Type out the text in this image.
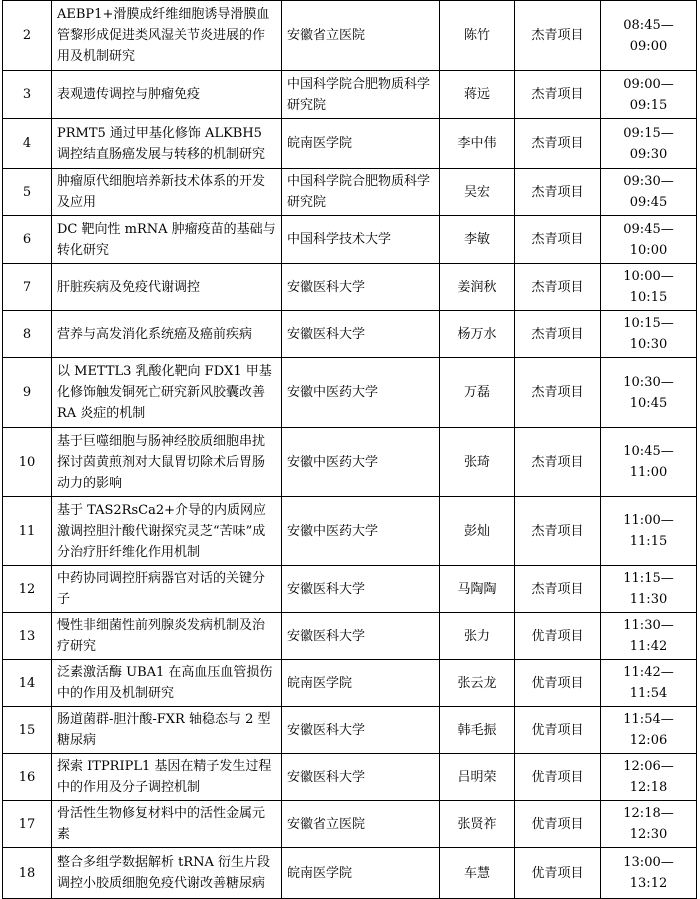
2	AEBP1+滑膜成纤维细胞诱导滑膜血管黎形成促进类风湿关节炎进展的作用及机制研究	安徽省立医院	陈竹	杰青项目	08:45—09:00
3	表观遗传调控与肿瘤免疫	中国科学院合肥物质科学研究院	蒋远	杰青项目	09:00—09:15
4	PRMT5 通过甲基化修饰 ALKBH5 调控结直肠癌发展与转移的机制研究	皖南医学院	李中伟	杰青项目	09:15—09:30
5	肿瘤原代细胞培养新技术体系的开发及应用	中国科学院合肥物质科学研究院	吴宏	杰青项目	09:30—09:45
6	DC 靶向性 mRNA 肿瘤疫苗的基础与转化研究	中国科学技术大学	李敏	杰青项目	09:45—10:00
7	肝脏疾病及免疫代谢调控	安徽医科大学	姜润秋	杰青项目	10:00—10:15
8	营养与高发消化系统癌及癌前疾病	安徽医科大学	杨万水	杰青项目	10:15—10:30
9	以 METTL3 乳酸化靶向 FDX1 甲基化修饰触发铜死亡研究新风胶囊改善 RA 炎症的机制	安徽中医药大学	万磊	杰青项目	10:30—10:45
10	基于巨噬细胞与肠神经胶质细胞串扰探讨茵黄煎剂对大鼠胃切除术后胃肠动力的影响	安徽中医药大学	张琦	杰青项目	10:45—11:00
11	基于 TAS2RsCa2+介导的内质网应激调控胆汁酸代谢探究灵芝“苦味”成分治疗肝纤维化作用机制	安徽中医药大学	彭灿	杰青项目	11:00—11:15
12	中药协同调控肝病器官对话的关键分子	安徽医科大学	马陶陶	杰青项目	11:15—11:30
13	慢性非细菌性前列腺炎发病机制及治疗研究	安徽医科大学	张力	优青项目	11:30—11:42
14	泛素激活酶 UBA1 在高血压血管损伤中的作用及机制研究	皖南医学院	张云龙	优青项目	11:42—11:54
15	肠道菌群-胆汁酸-FXR 轴稳态与 2 型糖尿病	安徽医科大学	韩毛振	优青项目	11:54—12:06
16	探索 ITPRIPL1 基因在精子发生过程中的作用及分子调控机制	安徽医科大学	吕明荣	优青项目	12:06—12:18
17	骨活性生物修复材料中的活性金属元素	安徽省立医院	张贤祚	优青项目	12:18—12:30
18	整合多组学数据解析 tRNA 衍生片段调控小胶质细胞免疫代谢改善糖尿病	皖南医学院	车慧	优青项目	13:00—13:12
